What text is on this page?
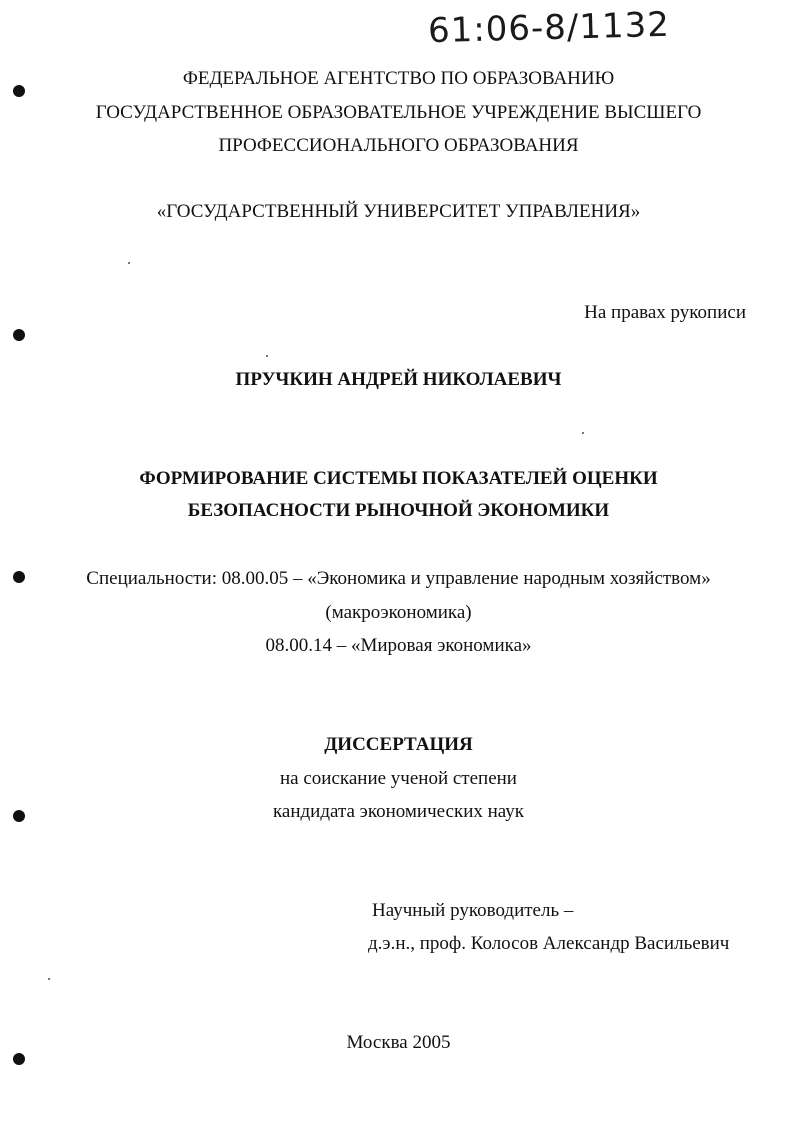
61:06-8/1132
ФЕДЕРАЛЬНОЕ АГЕНТСТВО ПО ОБРАЗОВАНИЮ
ГОСУДАРСТВЕННОЕ ОБРАЗОВАТЕЛЬНОЕ УЧРЕЖДЕНИЕ ВЫСШЕГО
ПРОФЕССИОНАЛЬНОГО ОБРАЗОВАНИЯ
«ГОСУДАРСТВЕННЫЙ УНИВЕРСИТЕТ УПРАВЛЕНИЯ»
На правах рукописи
ПРУЧКИН АНДРЕЙ НИКОЛАЕВИЧ
ФОРМИРОВАНИЕ СИСТЕМЫ ПОКАЗАТЕЛЕЙ ОЦЕНКИ
БЕЗОПАСНОСТИ РЫНОЧНОЙ ЭКОНОМИКИ
Специальности: 08.00.05 – «Экономика и управление народным хозяйством»
(макроэкономика)
08.00.14 – «Мировая экономика»
ДИССЕРТАЦИЯ
на соискание ученой степени
кандидата экономических наук
Научный руководитель –
д.э.н., проф. Колосов Александр Васильевич
Москва 2005
